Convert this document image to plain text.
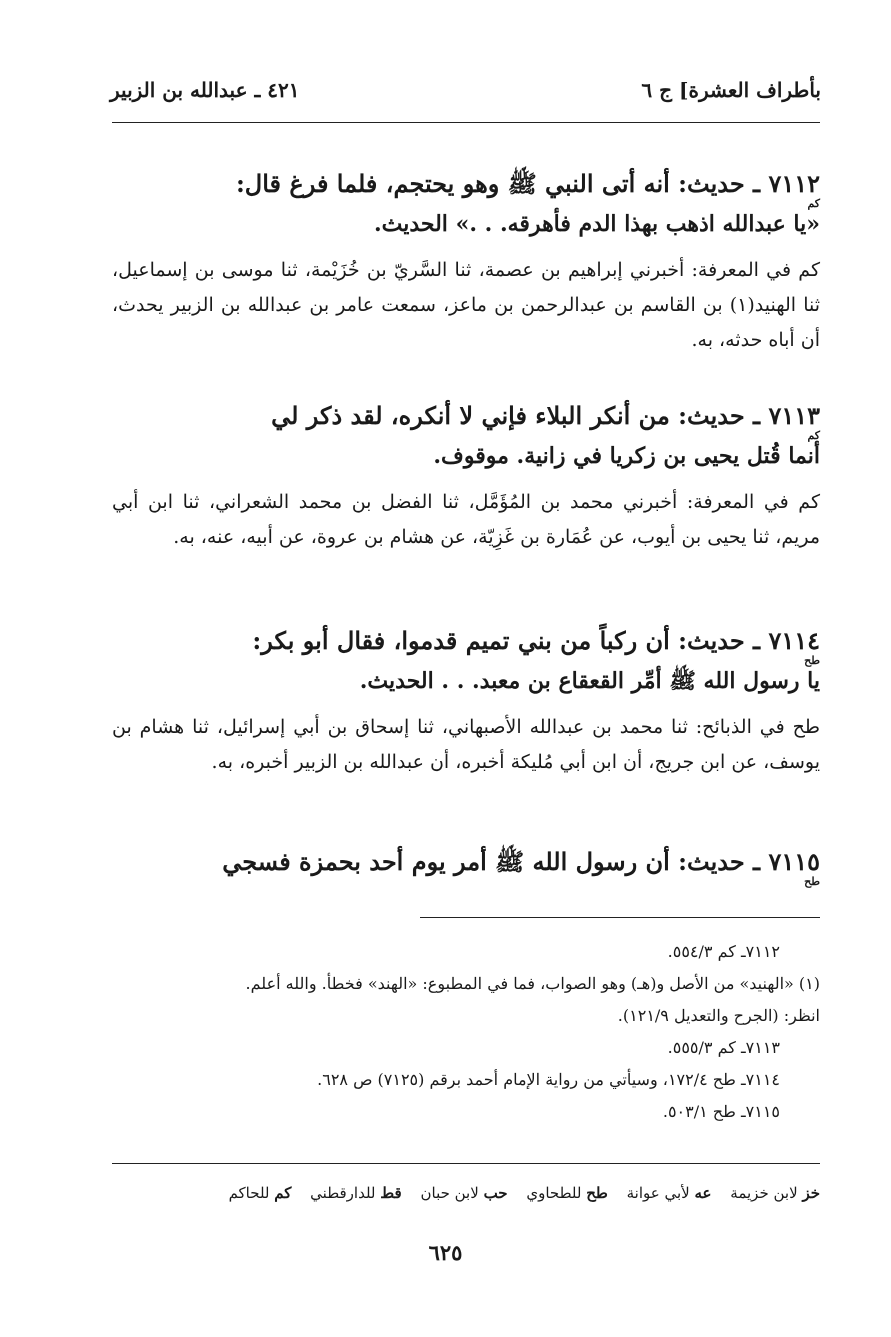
بأطراف العشرة] ج ٦
٤٢١ ـ عبدالله بن الزبير
٧١١٢ ـ حديث: أنه أتى النبي ﷺ وهو يحتجم، فلما فرغ قال:
كم
«يا عبدالله اذهب بهذا الدم فأهرقه. . .» الحديث.
كم في المعرفة: أخبرني إبراهيم بن عصمة، ثنا السَّريّ بن خُزَيْمة، ثنا موسى بن إسماعيل، ثنا الهنيد(١) بن القاسم بن عبدالرحمن بن ماعز، سمعت عامر بن عبدالله بن الزبير يحدث، أن أباه حدثه، به.
٧١١٣ ـ حديث: من أنكر البلاء فإني لا أنكره، لقد ذكر لي
كم
أنما قُتل يحيى بن زكريا في زانية. موقوف.
كم في المعرفة: أخبرني محمد بن المُؤَمَّل، ثنا الفضل بن محمد الشعراني، ثنا ابن أبي مريم، ثنا يحيى بن أيوب، عن عُمَارة بن غَزِيّة، عن هشام بن عروة، عن أبيه، عنه، به.
٧١١٤ ـ حديث: أن ركباً من بني تميم قدموا، فقال أبو بكر:
طح
يا رسول الله ﷺ أمِّر القعقاع بن معبد. . . الحديث.
طح في الذبائح: ثنا محمد بن عبدالله الأصبهاني، ثنا إسحاق بن أبي إسرائيل، ثنا هشام بن يوسف، عن ابن جريج، أن ابن أبي مُليكة أخبره، أن عبدالله بن الزبير أخبره، به.
٧١١٥ ـ حديث: أن رسول الله ﷺ أمر يوم أحد بحمزة فسجي
طح
٧١١٢ـ كم ٥٥٤/٣.
(١) «الهنيد» من الأصل و(هـ) وهو الصواب، فما في المطبوع: «الهند» فخطأ. والله أعلم.
انظر: (الجرح والتعديل ١٢١/٩).
٧١١٣ـ كم ٥٥٥/٣.
٧١١٤ـ طح ١٧٢/٤، وسيأتي من رواية الإمام أحمد برقم (٧١٢٥) ص ٦٢٨.
٧١١٥ـ طح ٥٠٣/١.
خز لابن خزيمة عه لأبي عوانة طح للطحاوي حب لابن حبان قط للدارقطني كم للحاكم
٦٢٥
